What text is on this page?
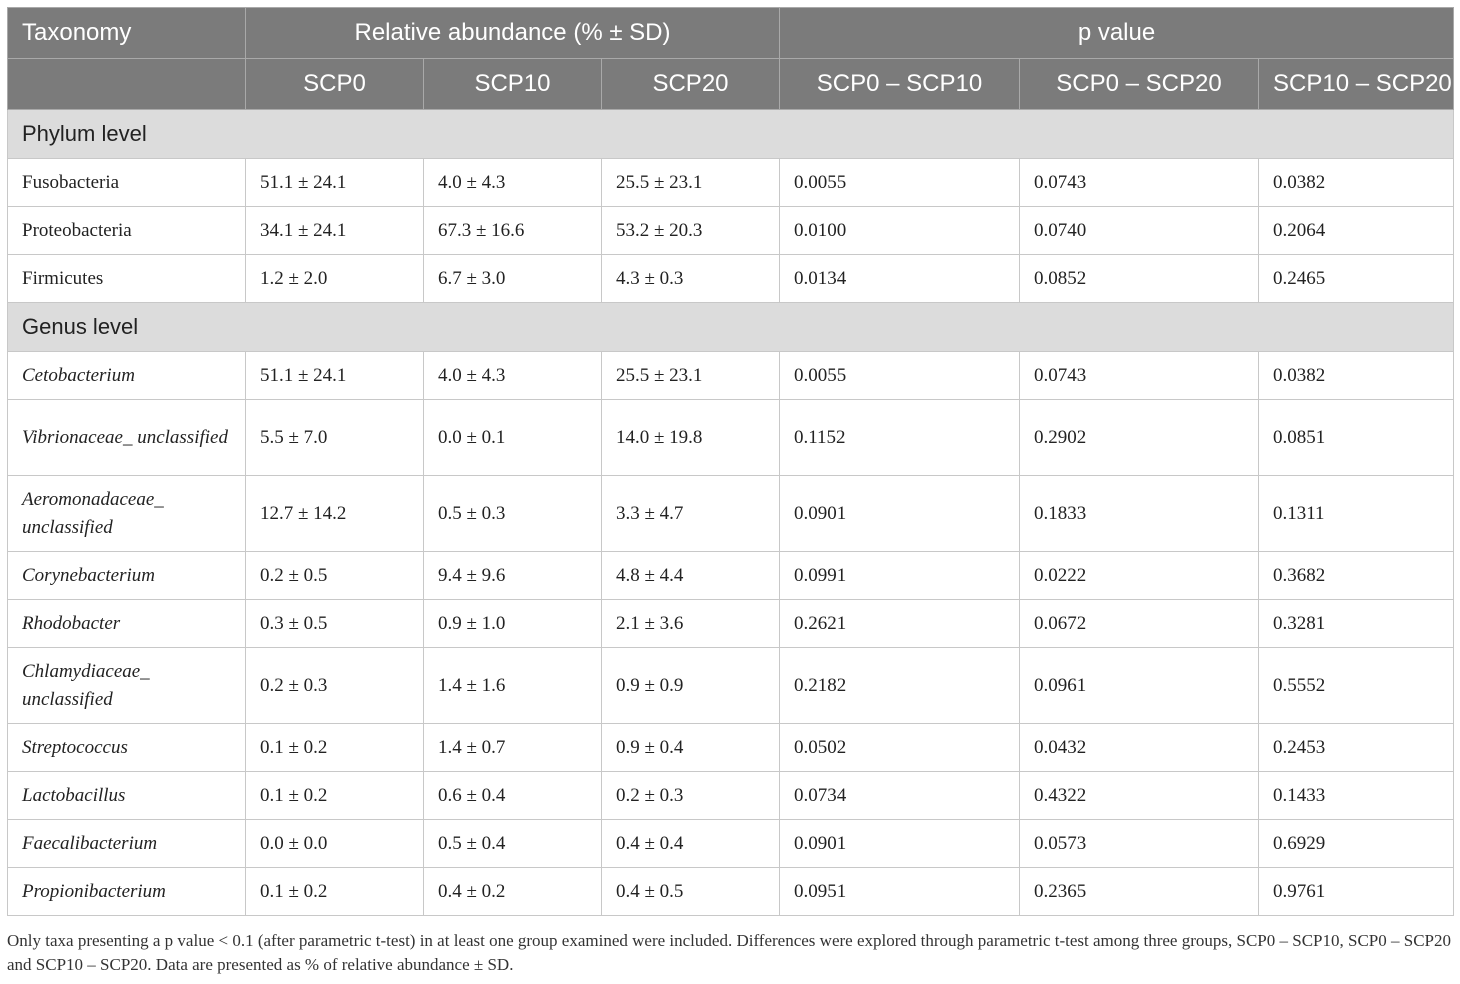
Taxonomy	Relative abundance (% ± SD)			p value		
	SCP0	SCP10	SCP20	SCP0 – SCP10	SCP0 – SCP20	SCP10 – SCP20
Phylum level						
Fusobacteria	51.1 ± 24.1	4.0 ± 4.3	25.5 ± 23.1	0.0055	0.0743	0.0382
Proteobacteria	34.1 ± 24.1	67.3 ± 16.6	53.2 ± 20.3	0.0100	0.0740	0.2064
Firmicutes	1.2 ± 2.0	6.7 ± 3.0	4.3 ± 0.3	0.0134	0.0852	0.2465
Genus level						
Cetobacterium	51.1 ± 24.1	4.0 ± 4.3	25.5 ± 23.1	0.0055	0.0743	0.0382
Vibrionaceae_ unclassified	5.5 ± 7.0	0.0 ± 0.1	14.0 ± 19.8	0.1152	0.2902	0.0851
Aeromonadaceae_ unclassified	12.7 ± 14.2	0.5 ± 0.3	3.3 ± 4.7	0.0901	0.1833	0.1311
Corynebacterium	0.2 ± 0.5	9.4 ± 9.6	4.8 ± 4.4	0.0991	0.0222	0.3682
Rhodobacter	0.3 ± 0.5	0.9 ± 1.0	2.1 ± 3.6	0.2621	0.0672	0.3281
Chlamydiaceae_ unclassified	0.2 ± 0.3	1.4 ± 1.6	0.9 ± 0.9	0.2182	0.0961	0.5552
Streptococcus	0.1 ± 0.2	1.4 ± 0.7	0.9 ± 0.4	0.0502	0.0432	0.2453
Lactobacillus	0.1 ± 0.2	0.6 ± 0.4	0.2 ± 0.3	0.0734	0.4322	0.1433
Faecalibacterium	0.0 ± 0.0	0.5 ± 0.4	0.4 ± 0.4	0.0901	0.0573	0.6929
Propionibacterium	0.1 ± 0.2	0.4 ± 0.2	0.4 ± 0.5	0.0951	0.2365	0.9761

Only taxa presenting a p value < 0.1 (after parametric t-test) in at least one group examined were included. Differences were explored through parametric t-test among three groups, SCP0 – SCP10, SCP0 – SCP20 and SCP10 – SCP20. Data are presented as % of relative abundance ± SD.
